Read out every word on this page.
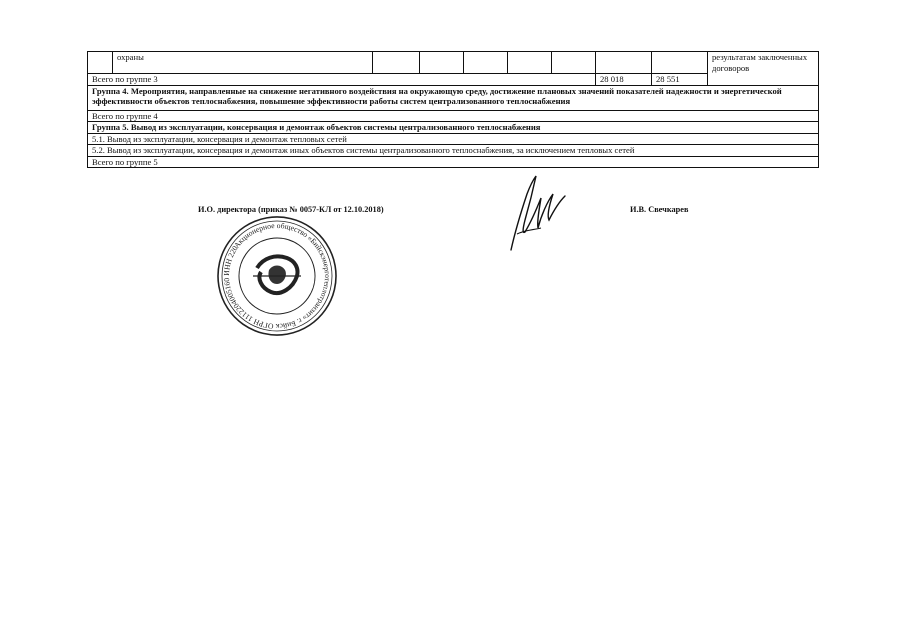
	охраны								результатам заключенных договоров
Всего по группе 3							28 018	28 551	
Группа 4. Мероприятия, направленные на снижение негативного воздействия на окружающую среду, достижение плановых значений показателей надежности и энергетической эффективности объектов теплоснабжения, повышение эффективности работы систем централизованного теплоснабжения									
Всего по группе 4									
Группа 5. Вывод из эксплуатации, консервация и демонтаж объектов системы централизованного теплоснабжения									
5.1. Вывод из эксплуатации, консервация и демонтаж тепловых сетей									
5.2. Вывод из эксплуатации, консервация и демонтаж иных объектов системы централизованного теплоснабжения, за исключением тепловых сетей									
Всего по группе 5									
И.О. директора (приказ № 0057-КЛ от 12.10.2018)	И.В. Свечкарев
Акционерное общество «Бийскэнерготеплотранзит» г. Бийск ОГРН 1112204005160 ИНН 2204058669
